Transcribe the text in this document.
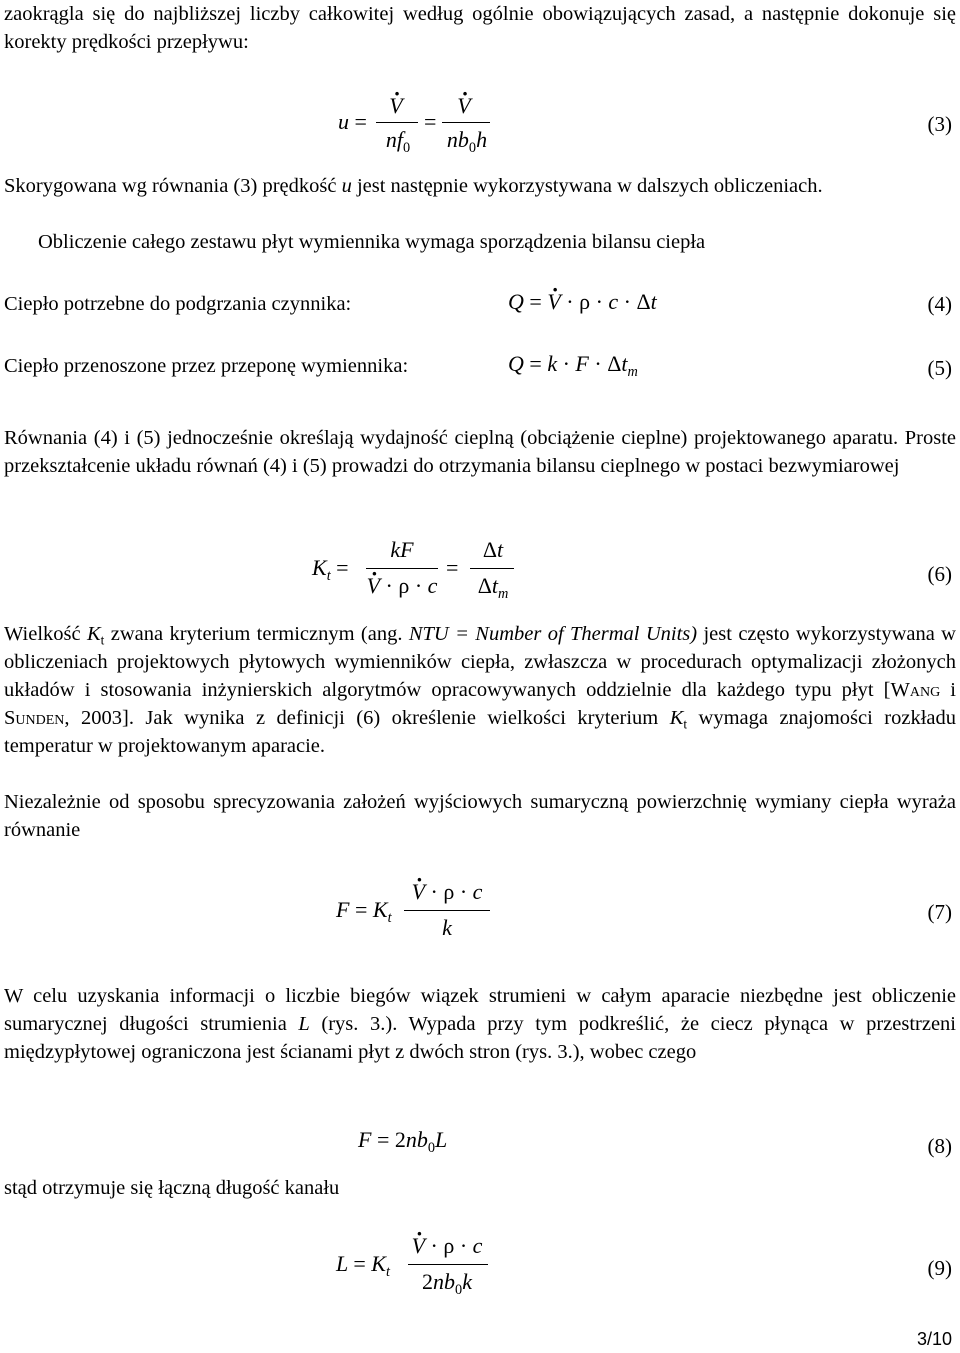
zaokrągla się do najbliższej liczby całkowitej według ogólnie obowiązujących zasad, a następnie dokonuje się korekty prędkości przepływu:
u =
· V
$nf_0$
=
· V
$nb_0h$
(3)
Skorygowana wg równania (3) prędkość u jest następnie wykorzystywana w dalszych obliczeniach.
Obliczenie całego zestawu płyt wymiennika wymaga sporządzenia bilansu ciepła
Ciepło potrzebne do podgrzania czynnika:	Q = · V · ρ · c · Δt	(4)
Ciepło przenoszone przez przeponę wymiennika:	$Q = k \cdot F \cdot \Delta t_m$	(5)
Równania (4) i (5) jednocześnie określają wydajność cieplną (obciążenie cieplne) projektowanego aparatu. Proste przekształcenie układu równań (4) i (5) prowadzi do otrzymania bilansu cieplnego w postaci bezwymiarowej
$K_t$ =
kF
· V · ρ · c
=
Δt
$\Delta t_m$
(6)
Wielkość $K_t$ zwana kryterium termicznym (ang. NTU = Number of Thermal Units) jest często wykorzystywana w obliczeniach projektowych płytowych wymienników ciepła, zwłaszcza w procedurach optymalizacji złożonych układów i stosowania inżynierskich algorytmów opracowywanych oddzielnie dla każdego typu płyt [Wang i Sunden, 2003]. Jak wynika z definicji (6) określenie wielkości kryterium $K_t$ wymaga znajomości rozkładu temperatur w projektowanym aparacie.
Niezależnie od sposobu sprecyzowania założeń wyjściowych sumaryczną powierzchnię wymiany ciepła wyraża równanie
$F = K_t$
· V · ρ · c
k
(7)
W celu uzyskania informacji o liczbie biegów wiązek strumieni w całym aparacie niezbędne jest obliczenie sumarycznej długości strumienia L (rys. 3.). Wypada przy tym podkreślić, że ciecz płynąca w przestrzeni międzypłytowej ograniczona jest ścianami płyt z dwóch stron (rys. 3.), wobec czego
$F = 2nb_0L$	(8)
stąd otrzymuje się łączną długość kanału
$L = K_t$
· V · ρ · c
$2nb_0k$
(9)
3/10
